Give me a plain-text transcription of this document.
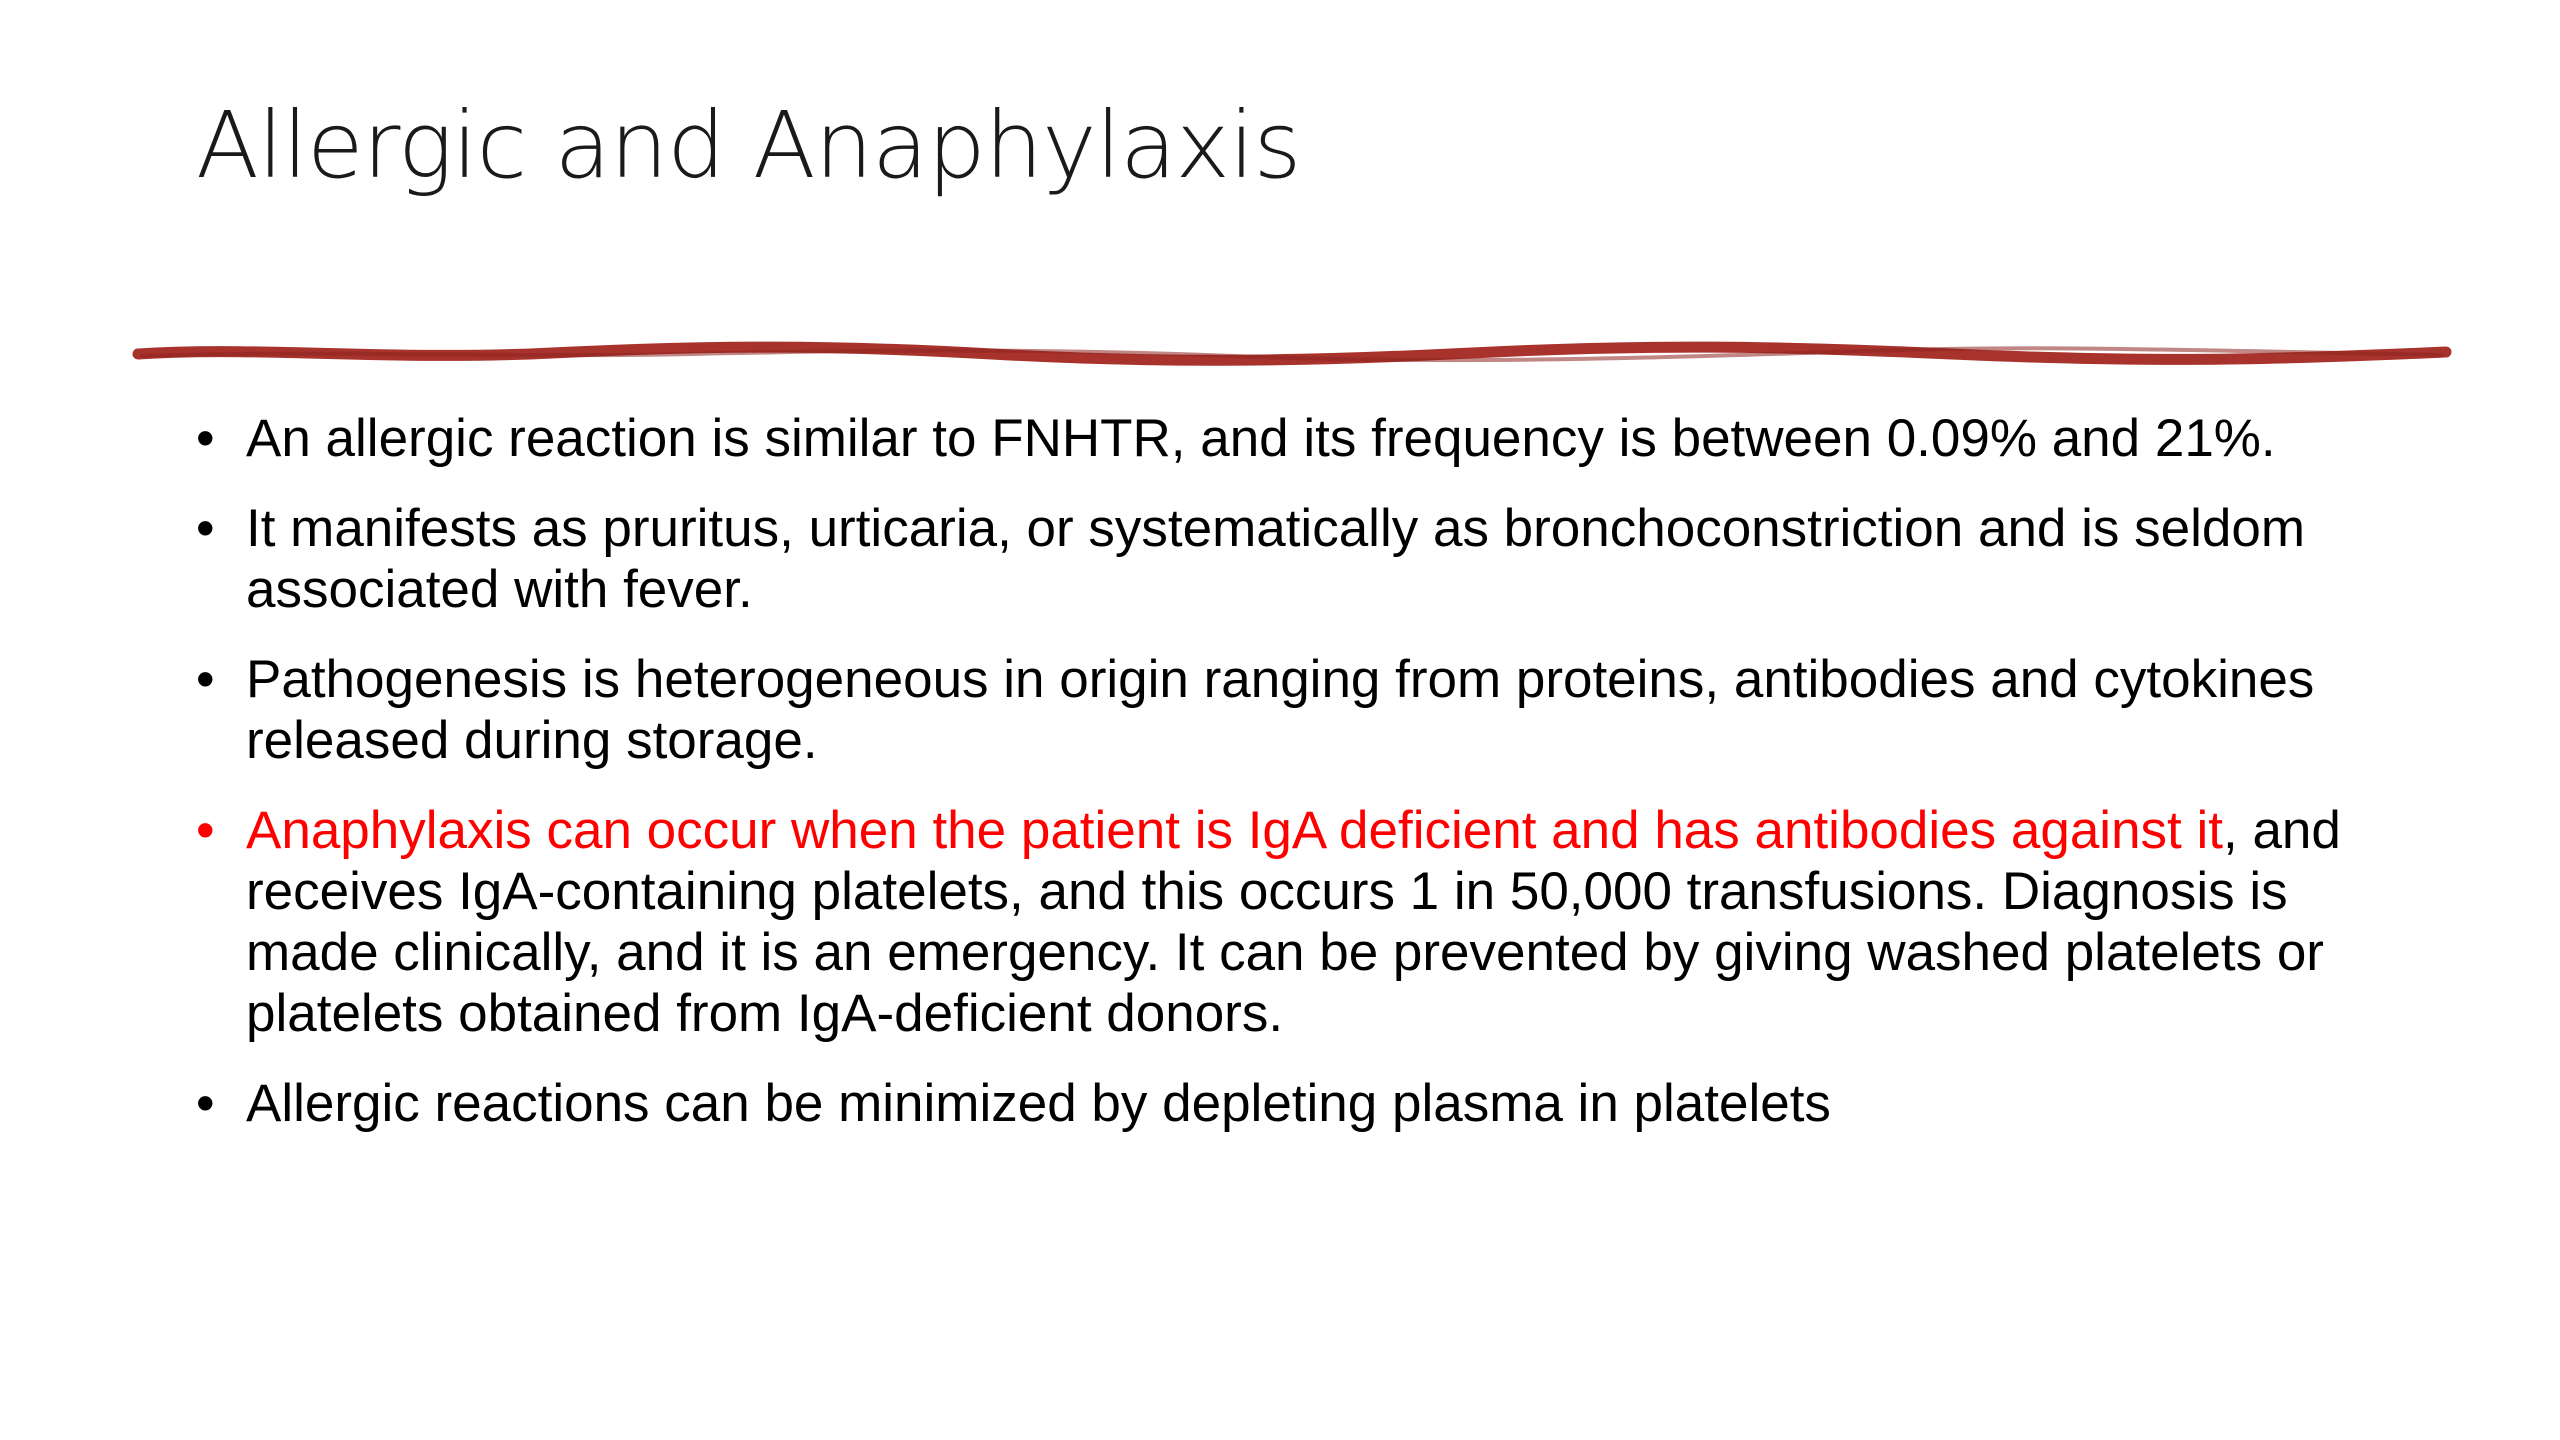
Allergic and Anaphylaxis
• An allergic reaction is similar to FNHTR, and its frequency is between 0.09% and 21%.
• It manifests as pruritus, urticaria, or systematically as bronchoconstriction and is seldom associated with fever.
• Pathogenesis is heterogeneous in origin ranging from proteins, antibodies and cytokines released during storage.
• Anaphylaxis can occur when the patient is IgA deficient and has antibodies against it, and receives IgA-containing platelets, and this occurs 1 in 50,000 transfusions. Diagnosis is made clinically, and it is an emergency. It can be prevented by giving washed platelets or platelets obtained from IgA-deficient donors.
• Allergic reactions can be minimized by depleting plasma in platelets
